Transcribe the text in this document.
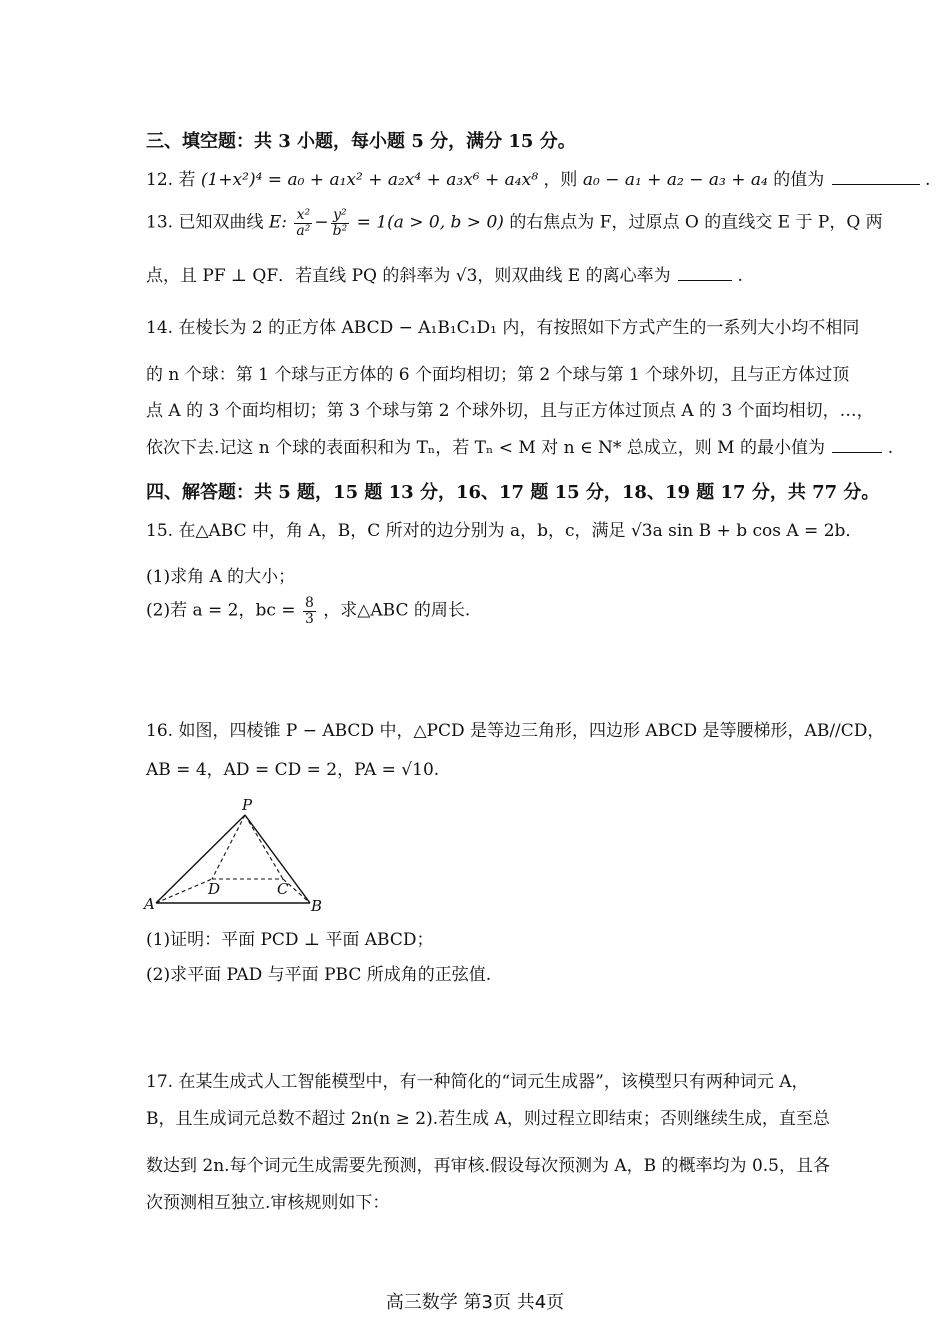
三、填空题：共 3 小题，每小题 5 分，满分 15 分。
12. 若 (1+x²)⁴ = a₀ + a₁x² + a₂x⁴ + a₃x⁶ + a₄x⁸ ，则 a₀ − a₁ + a₂ − a₃ + a₄ 的值为	.
13. 已知双曲线 E: $\frac{\text{x²}}{\text{a²}} - \frac{\text{y²}}{\text{b²}} = 1(a > 0$, b > 0) 的右焦点为 F，过原点 O 的直线交 E 于 P，Q 两
点，且 PF ⊥ QF．若直线 PQ 的斜率为 √3，则双曲线 E 的离心率为	.
14. 在棱长为 2 的正方体 ABCD − A₁B₁C₁D₁ 内，有按照如下方式产生的一系列大小均不相同
的 n 个球：第 1 个球与正方体的 6 个面均相切；第 2 个球与第 1 个球外切，且与正方体过顶
点 A 的 3 个面均相切；第 3 个球与第 2 个球外切，且与正方体过顶点 A 的 3 个面均相切，…，
依次下去.记这 n 个球的表面积和为 Tₙ，若 Tₙ < M 对 n ∈ N* 总成立，则 M 的最小值为	.
四、解答题：共 5 题，15 题 13 分，16、17 题 15 分，18、19 题 17 分，共 77 分。
15. 在△ABC 中，角 A，B，C 所对的边分别为 a，b，c，满足 √3a sin B + b cos A = 2b．
(1)求角 A 的大小；
(2)若 a = 2，bc = $\frac{8}{3}$ ，求△ABC 的周长.
16. 如图，四棱锥 P − ABCD 中，△PCD 是等边三角形，四边形 ABCD 是等腰梯形，AB//CD，
AB = 4，AD = CD = 2，PA = √10.
P
A	B
C
D
(1)证明：平面 PCD ⊥ 平面 ABCD；
(2)求平面 PAD 与平面 PBC 所成角的正弦值.
17. 在某生成式人工智能模型中，有一种简化的“词元生成器”，该模型只有两种词元 A，
B，且生成词元总数不超过 2n(n ≥ 2).若生成 A，则过程立即结束；否则继续生成，直至总
数达到 2n.每个词元生成需要先预测，再审核.假设每次预测为 A，B 的概率均为 0.5，且各
次预测相互独立.审核规则如下：
高三数学 第3页 共4页
